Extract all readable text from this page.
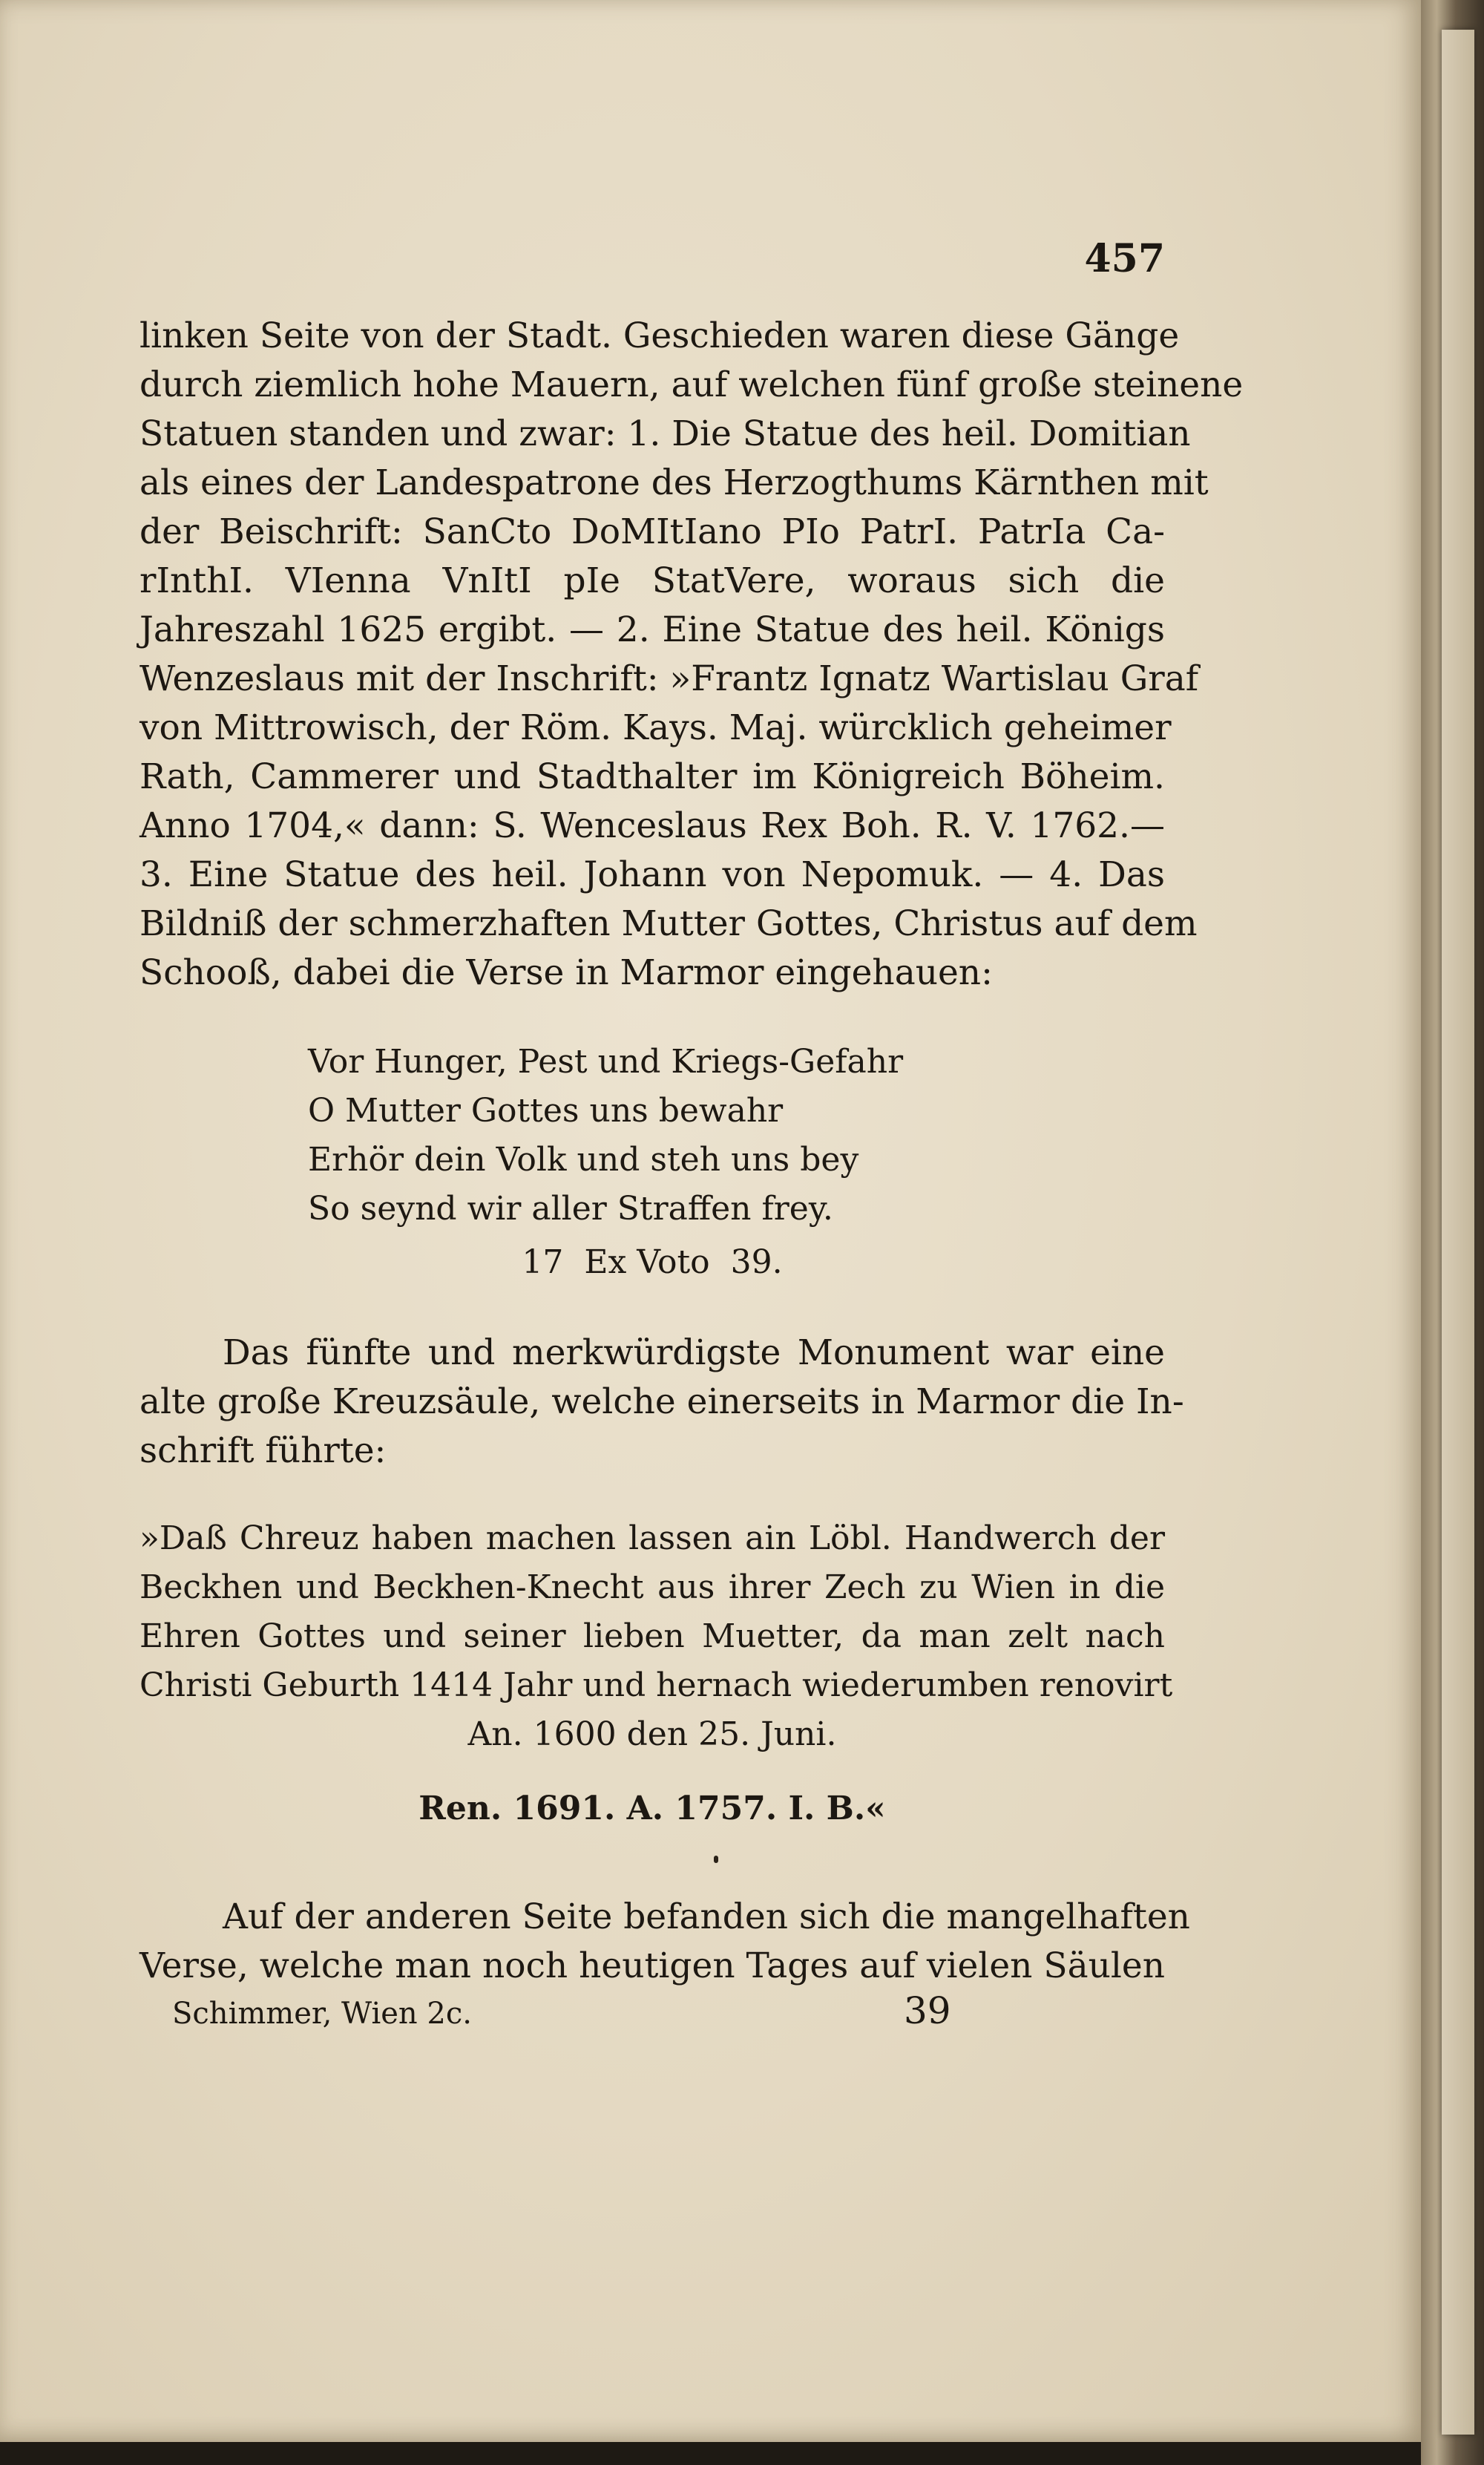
457
linken Seite von der Stadt. Geschieden waren diese Gänge
durch ziemlich hohe Mauern, auf welchen fünf große steinene
Statuen standen und zwar: 1. Die Statue des heil. Domitian
als eines der Landespatrone des Herzogthums Kärnthen mit
der Beischrift: SanCto DoMItIano PIo PatrI. PatrIa Ca-
rInthI. VIenna VnItI pIe StatVere, woraus sich die
Jahreszahl 1625 ergibt. — 2. Eine Statue des heil. Königs
Wenzeslaus mit der Inschrift: »Frantz Ignatz Wartislau Graf
von Mittrowisch, der Röm. Kays. Maj. würcklich geheimer
Rath, Cammerer und Stadthalter im Königreich Böheim.
Anno 1704,« dann: S. Wenceslaus Rex Boh. R. V. 1762.—
3. Eine Statue des heil. Johann von Nepomuk. — 4. Das
Bildniß der schmerzhaften Mutter Gottes, Christus auf dem
Schooß, dabei die Verse in Marmor eingehauen:
Vor Hunger, Pest und Kriegs-Gefahr
O Mutter Gottes uns bewahr
Erhör dein Volk und steh uns bey
So seynd wir aller Straffen frey.
17  Ex Voto  39.
Das fünfte und merkwürdigste Monument war eine
alte große Kreuzsäule, welche einerseits in Marmor die In-
schrift führte:
»Daß Chreuz haben machen lassen ain Löbl. Handwerch der
Beckhen und Beckhen-Knecht aus ihrer Zech zu Wien in die
Ehren Gottes und seiner lieben Muetter, da man zelt nach
Christi Geburth 1414 Jahr und hernach wiederumben renovirt
An. 1600 den 25. Juni.
Ren. 1691. A. 1757. I. B.«
Auf der anderen Seite befanden sich die mangelhaften
Verse, welche man noch heutigen Tages auf vielen Säulen
Schimmer, Wien 2c.	39
